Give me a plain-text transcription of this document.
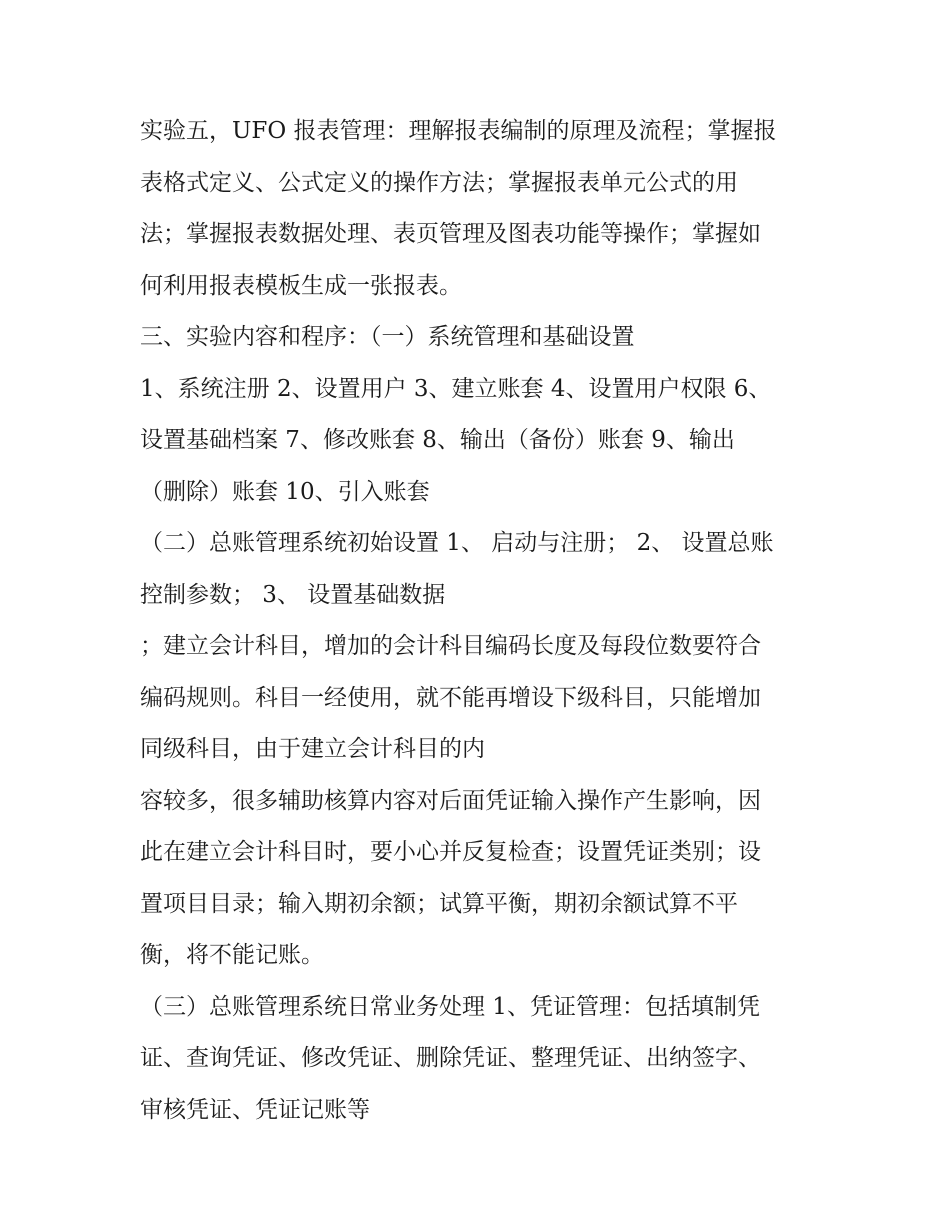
实验五，UFO 报表管理：理解报表编制的原理及流程；掌握报
表格式定义、公式定义的操作方法；掌握报表单元公式的用
法；掌握报表数据处理、表页管理及图表功能等操作；掌握如
何利用报表模板生成一张报表。
三、实验内容和程序：（一）系统管理和基础设置
1、系统注册 2、设置用户 3、建立账套 4、设置用户权限 6、
设置基础档案 7、修改账套 8、输出（备份）账套 9、输出
（删除）账套 10、引入账套
（二）总账管理系统初始设置 1、 启动与注册； 2、 设置总账
控制参数； 3、 设置基础数据
；建立会计科目，增加的会计科目编码长度及每段位数要符合
编码规则。科目一经使用，就不能再增设下级科目，只能增加
同级科目，由于建立会计科目的内
容较多，很多辅助核算内容对后面凭证输入操作产生影响，因
此在建立会计科目时，要小心并反复检查；设置凭证类别；设
置项目目录；输入期初余额；试算平衡，期初余额试算不平
衡，将不能记账。
（三）总账管理系统日常业务处理 1、凭证管理：包括填制凭
证、查询凭证、修改凭证、删除凭证、整理凭证、出纳签字、
审核凭证、凭证记账等
